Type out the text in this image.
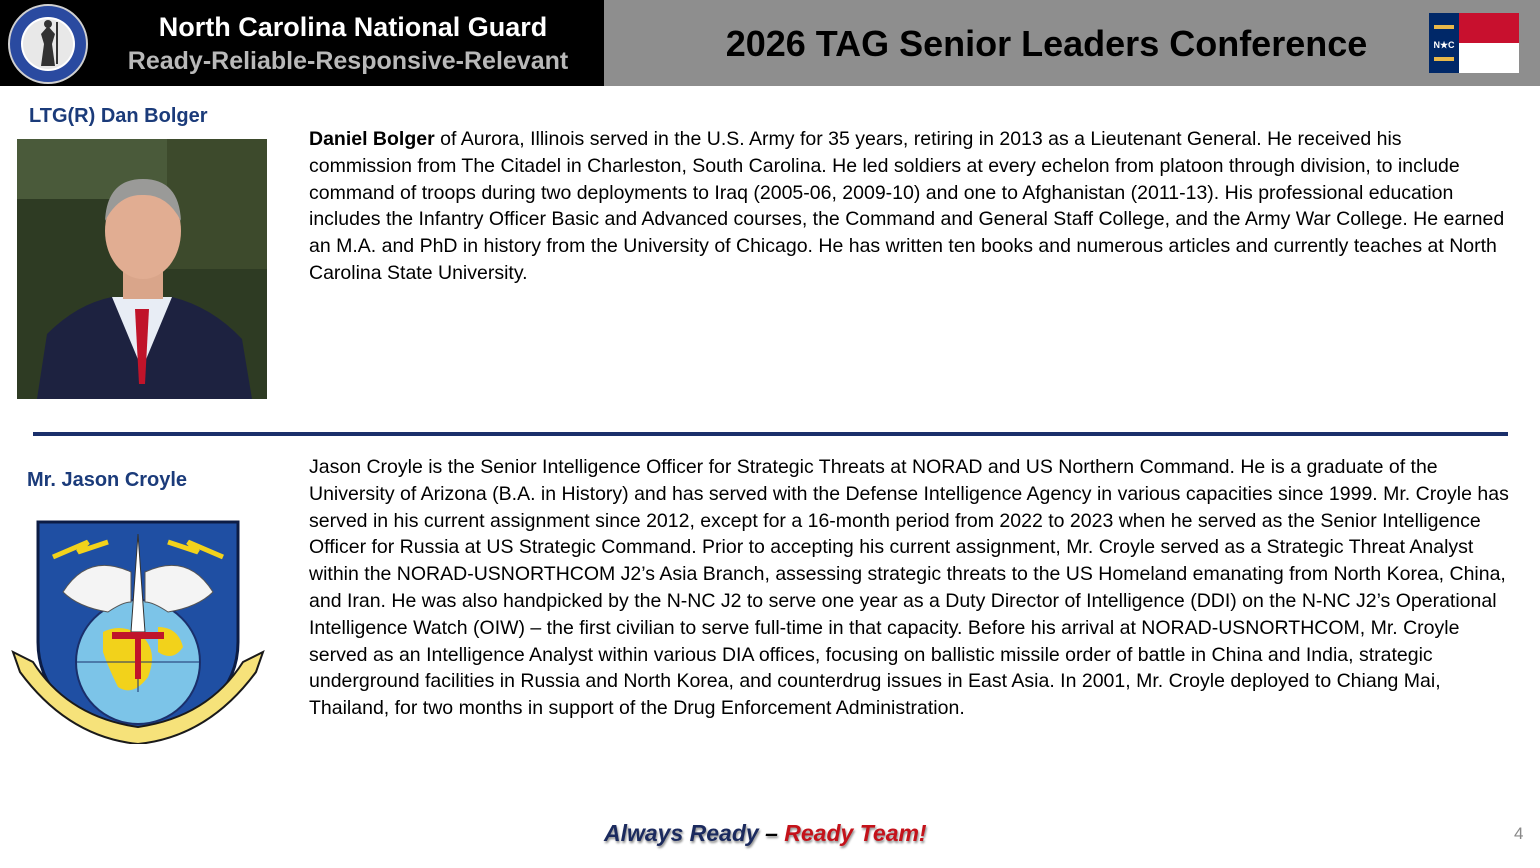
North Carolina National Guard
Ready-Reliable-Responsive-Relevant	2026 TAG Senior Leaders Conference	N★C
LTG(R) Dan Bolger
Daniel Bolger of Aurora, Illinois served in the U.S. Army for 35 years, retiring in 2013 as a Lieutenant General. He received his commission from The Citadel in Charleston, South Carolina. He led soldiers at every echelon from platoon through division, to include command of troops during two deployments to Iraq (2005-06, 2009-10) and one to Afghanistan (2011-13). His professional education includes the Infantry Officer Basic and Advanced courses, the Command and General Staff College, and the Army War College. He earned an M.A. and PhD in history from the University of Chicago. He has written ten books and numerous articles and currently teaches at North Carolina State University.
Mr. Jason Croyle
Jason Croyle is the Senior Intelligence Officer for Strategic Threats at NORAD and US Northern Command. He is a graduate of the University of Arizona (B.A. in History) and has served with the Defense Intelligence Agency in various capacities since 1999. Mr. Croyle has served in his current assignment since 2012, except for a 16-month period from 2022 to 2023 when he served as the Senior Intelligence Officer for Russia at US Strategic Command. Prior to accepting his current assignment, Mr. Croyle served as a Strategic Threat Analyst within the NORAD-USNORTHCOM J2’s Asia Branch, assessing strategic threats to the US Homeland emanating from North Korea, China, and Iran. He was also handpicked by the N-NC J2 to serve one year as a Duty Director of Intelligence (DDI) on the N-NC J2’s Operational Intelligence Watch (OIW) – the first civilian to serve full-time in that capacity. Before his arrival at NORAD-USNORTHCOM, Mr. Croyle served as an Intelligence Analyst within various DIA offices, focusing on ballistic missile order of battle in China and India, strategic underground facilities in Russia and North Korea, and counterdrug issues in East Asia. In 2001, Mr. Croyle deployed to Chiang Mai, Thailand, for two months in support of the Drug Enforcement Administration.
Always Ready – Ready Team!	4
